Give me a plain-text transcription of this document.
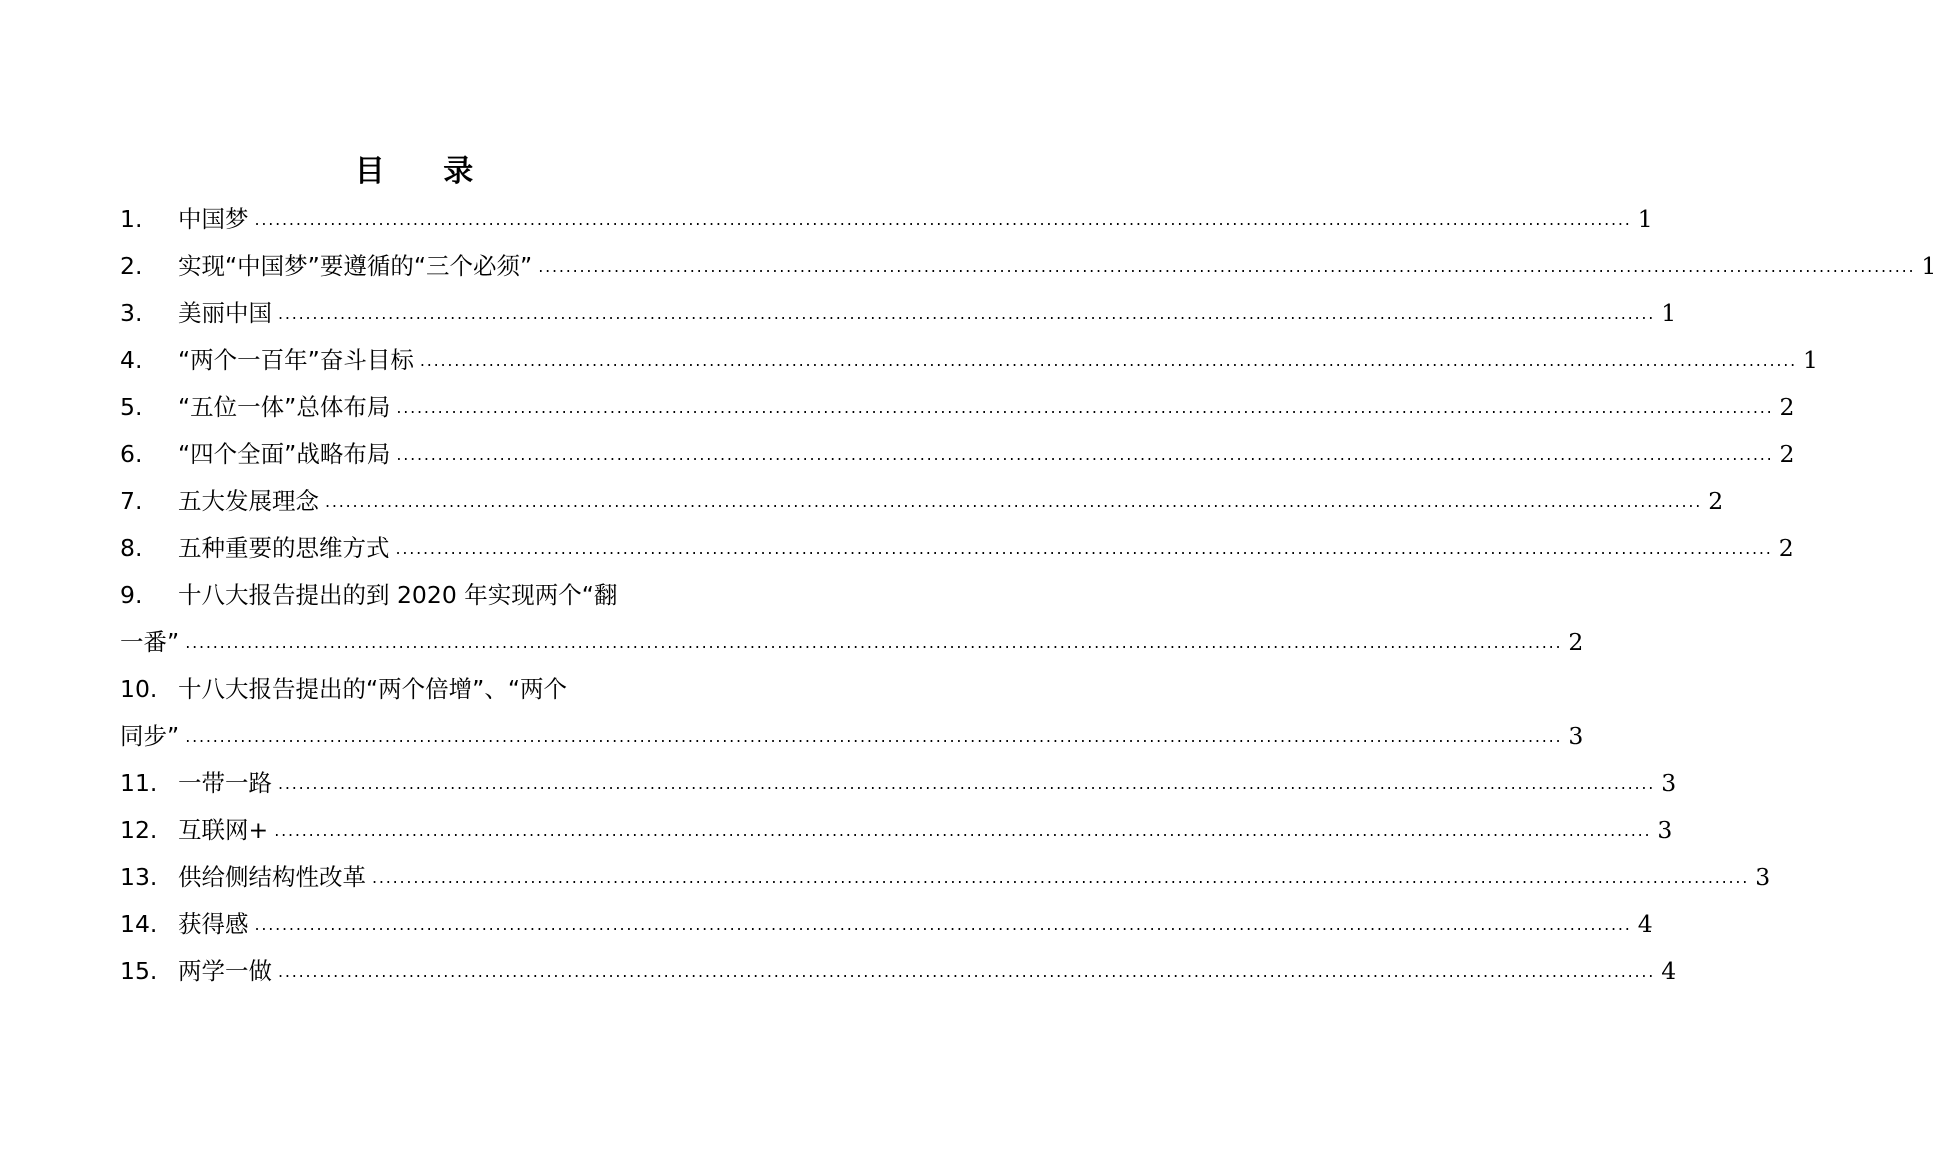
目 录
1.	中国梦 .....	1
2.	实现“中国梦”要遵循的“三个必须” .....	1
3.	美丽中国 .....	1
4.	“两个一百年”奋斗目标 .....	1
5.	“五位一体”总体布局 .....	2
6.	“四个全面”战略布局 .....	2
7.	五大发展理念 .....	2
8.	五种重要的思维方式 .....	2
9.	十八大报告提出的到 2020 年实现两个“翻
一番” .....	2
10. 十八大报告提出的“两个倍增”、“两个
同步” .....	3
11. 一带一路 .....	3
12. 互联网+ .....	3
13. 供给侧结构性改革 .....	3
14. 获得感 .....	4
15. 两学一做 .....	4
